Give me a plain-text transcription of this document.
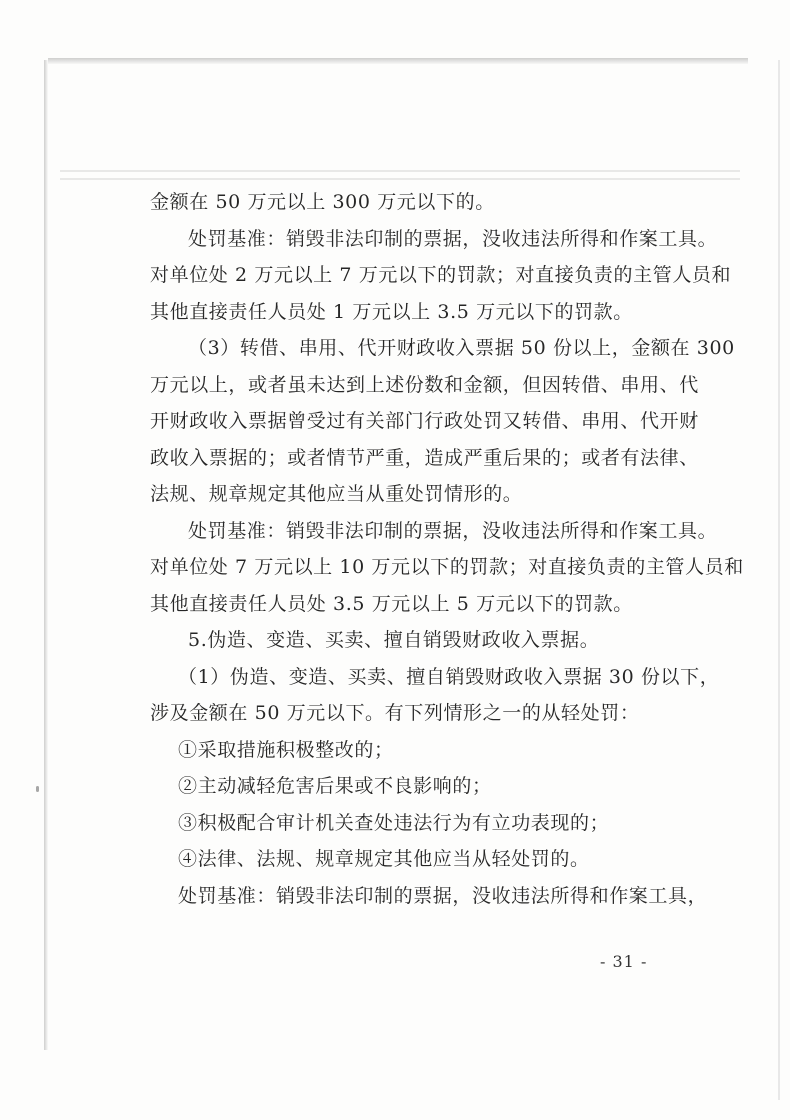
金额在 50 万元以上 300 万元以下的。
处罚基准：销毁非法印制的票据，没收违法所得和作案工具。
对单位处 2 万元以上 7 万元以下的罚款；对直接负责的主管人员和
其他直接责任人员处 1 万元以上 3.5 万元以下的罚款。
（3）转借、串用、代开财政收入票据 50 份以上，金额在 300
万元以上，或者虽未达到上述份数和金额，但因转借、串用、代
开财政收入票据曾受过有关部门行政处罚又转借、串用、代开财
政收入票据的；或者情节严重，造成严重后果的；或者有法律、
法规、规章规定其他应当从重处罚情形的。
处罚基准：销毁非法印制的票据，没收违法所得和作案工具。
对单位处 7 万元以上 10 万元以下的罚款；对直接负责的主管人员和
其他直接责任人员处 3.5 万元以上 5 万元以下的罚款。
5.伪造、变造、买卖、擅自销毁财政收入票据。
（1）伪造、变造、买卖、擅自销毁财政收入票据 30 份以下，
涉及金额在 50 万元以下。有下列情形之一的从轻处罚：
①采取措施积极整改的；
②主动减轻危害后果或不良影响的；
③积极配合审计机关查处违法行为有立功表现的；
④法律、法规、规章规定其他应当从轻处罚的。
处罚基准：销毁非法印制的票据，没收违法所得和作案工具，
- 31 -
